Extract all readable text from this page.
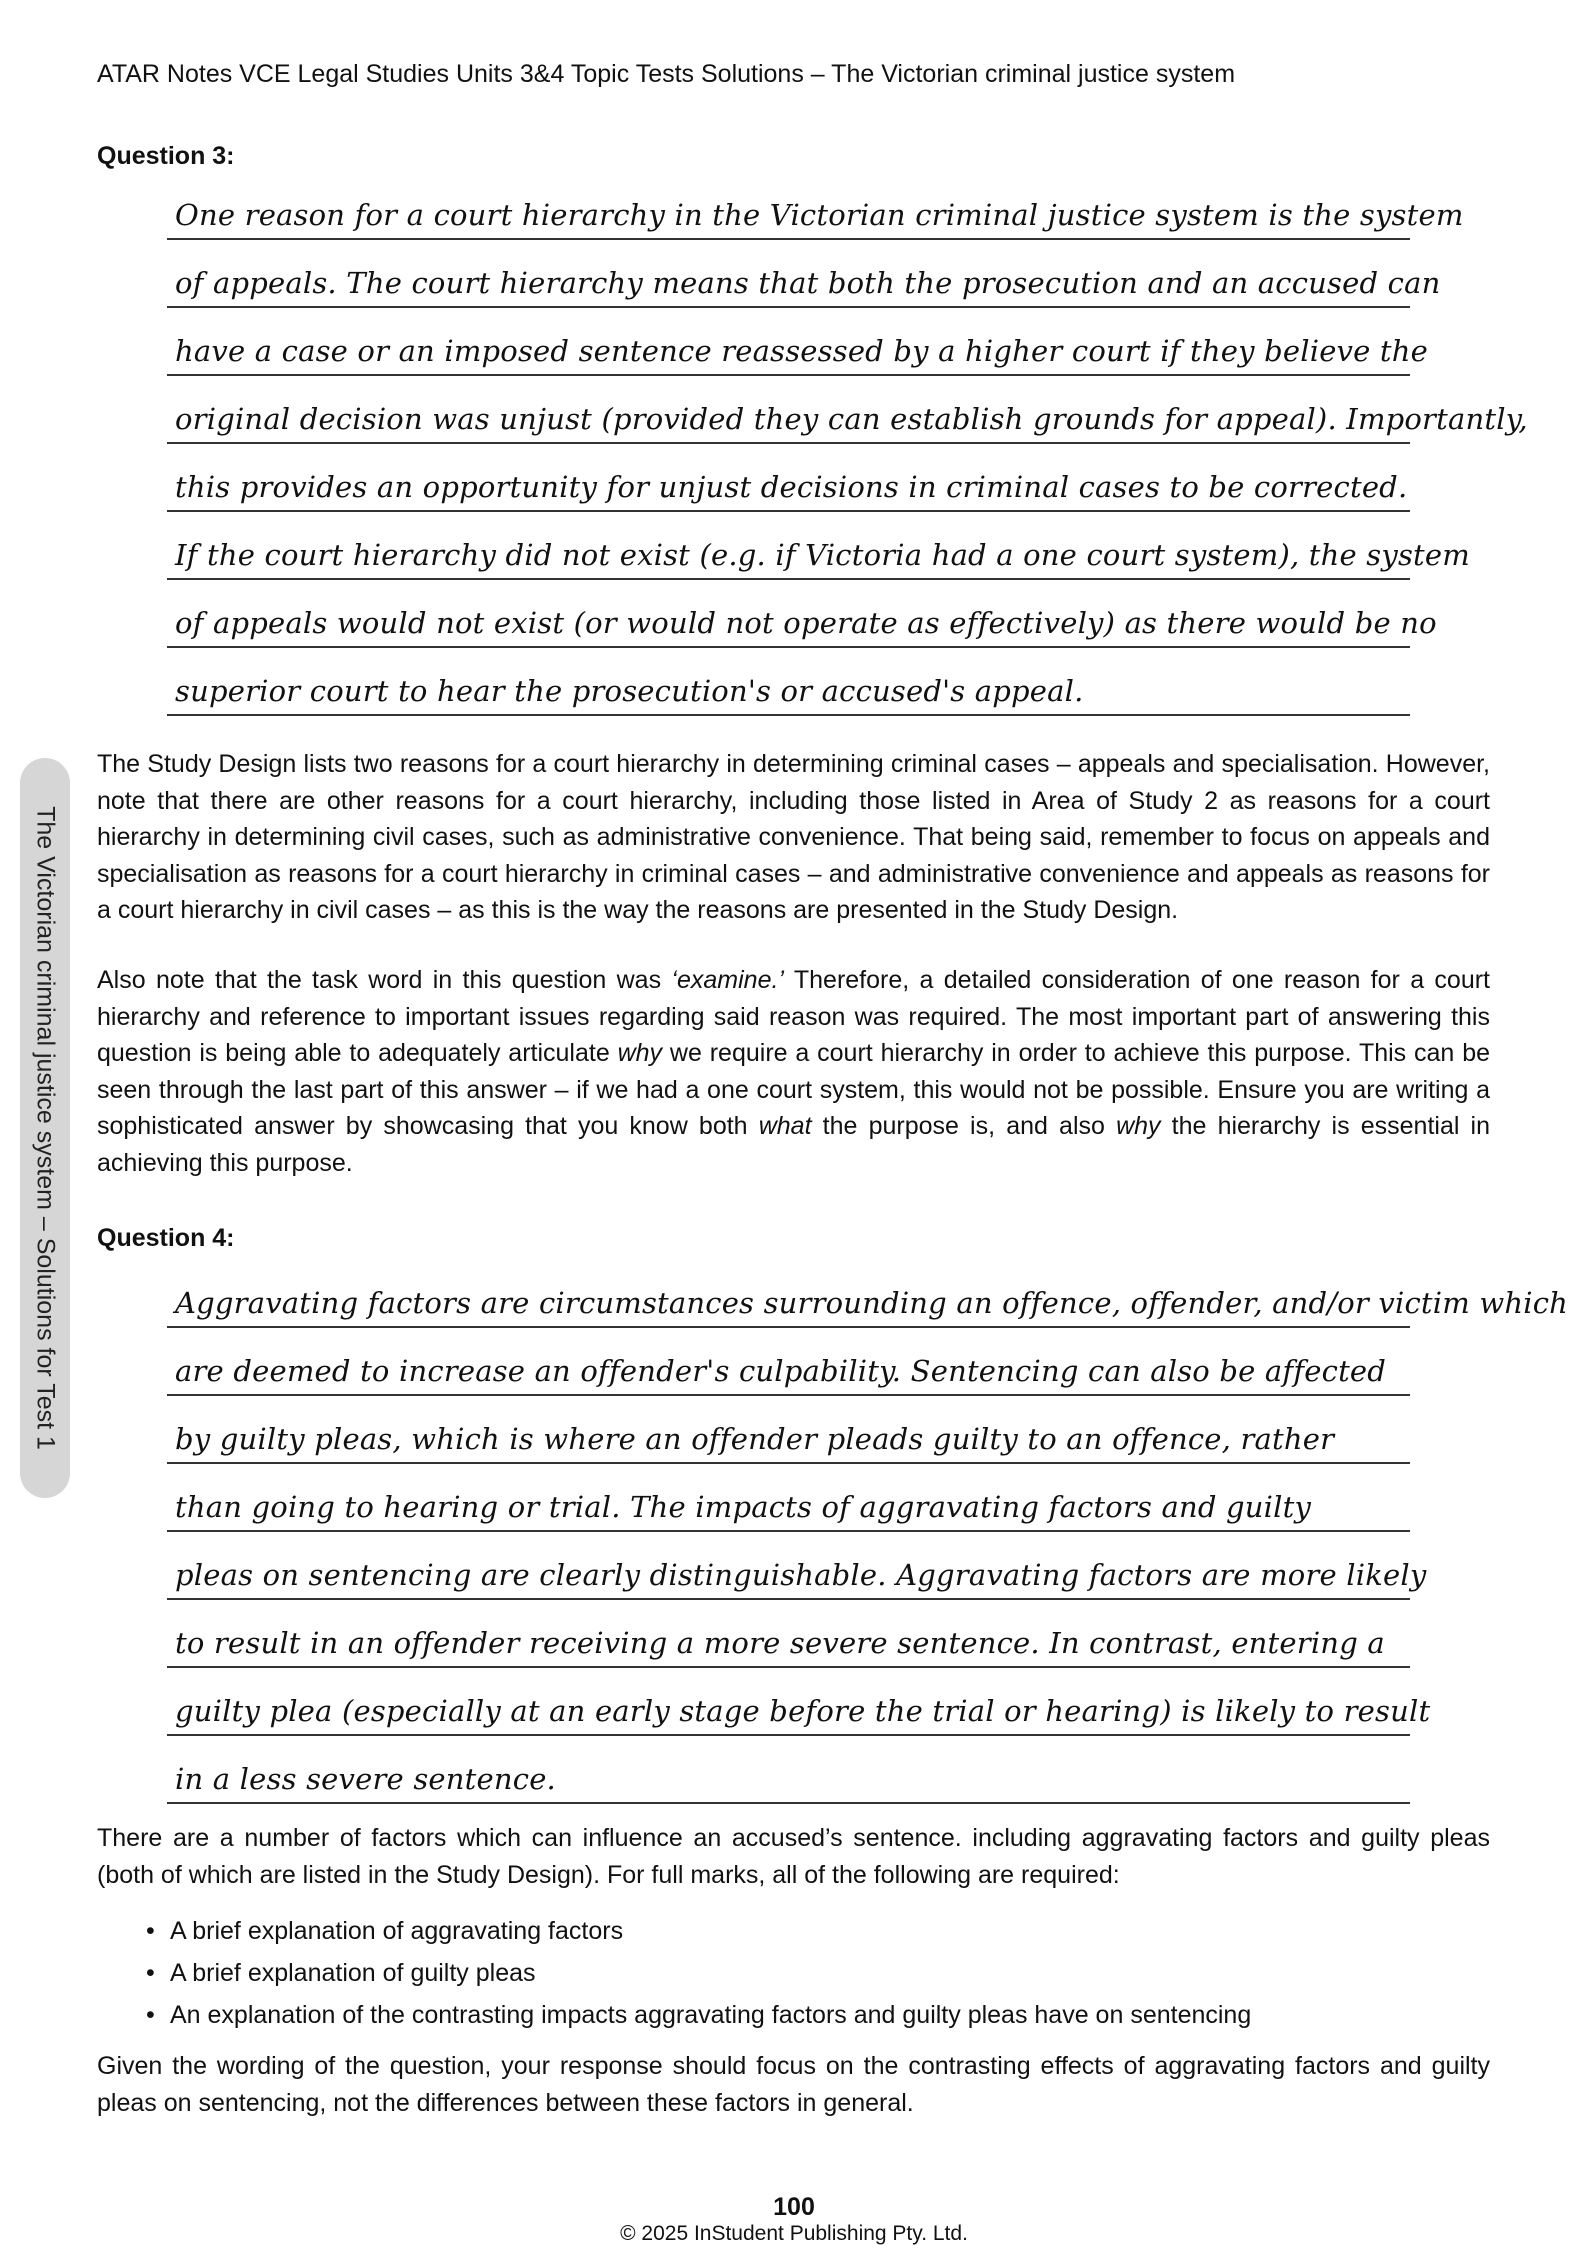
ATAR Notes VCE Legal Studies Units 3&4 Topic Tests Solutions – The Victorian criminal justice system
The Victorian criminal justice system – Solutions for Test 1
Question 3:
One reason for a court hierarchy in the Victorian criminal justice system is the system
of appeals. The court hierarchy means that both the prosecution and an accused can
have a case or an imposed sentence reassessed by a higher court if they believe the
original decision was unjust (provided they can establish grounds for appeal). Importantly,
this provides an opportunity for unjust decisions in criminal cases to be corrected.
If the court hierarchy did not exist (e.g. if Victoria had a one court system), the system
of appeals would not exist (or would not operate as effectively) as there would be no
superior court to hear the prosecution's or accused's appeal.

The Study Design lists two reasons for a court hierarchy in determining criminal cases – appeals and specialisation. However, note that there are other reasons for a court hierarchy, including those listed in Area of Study 2 as reasons for a court hierarchy in determining civil cases, such as administrative convenience. That being said, remember to focus on appeals and specialisation as reasons for a court hierarchy in criminal cases – and administrative convenience and appeals as reasons for a court hierarchy in civil cases – as this is the way the reasons are presented in the Study Design.

Also note that the task word in this question was ‘examine.’ Therefore, a detailed consideration of one reason for a court hierarchy and reference to important issues regarding said reason was required. The most important part of answering this question is being able to adequately articulate why we require a court hierarchy in order to achieve this purpose. This can be seen through the last part of this answer – if we had a one court system, this would not be possible. Ensure you are writing a sophisticated answer by showcasing that you know both what the purpose is, and also why the hierarchy is essential in achieving this purpose.

Question 4:
Aggravating factors are circumstances surrounding an offence, offender, and/or victim which
are deemed to increase an offender's culpability. Sentencing can also be affected
by guilty pleas, which is where an offender pleads guilty to an offence, rather
than going to hearing or trial. The impacts of aggravating factors and guilty
pleas on sentencing are clearly distinguishable. Aggravating factors are more likely
to result in an offender receiving a more severe sentence. In contrast, entering a
guilty plea (especially at an early stage before the trial or hearing) is likely to result
in a less severe sentence.

There are a number of factors which can influence an accused’s sentence. including aggravating factors and guilty pleas (both of which are listed in the Study Design). For full marks, all of the following are required:

• A brief explanation of aggravating factors
• A brief explanation of guilty pleas
• An explanation of the contrasting impacts aggravating factors and guilty pleas have on sentencing

Given the wording of the question, your response should focus on the contrasting effects of aggravating factors and guilty pleas on sentencing, not the differences between these factors in general.

100
© 2025 InStudent Publishing Pty. Ltd.
